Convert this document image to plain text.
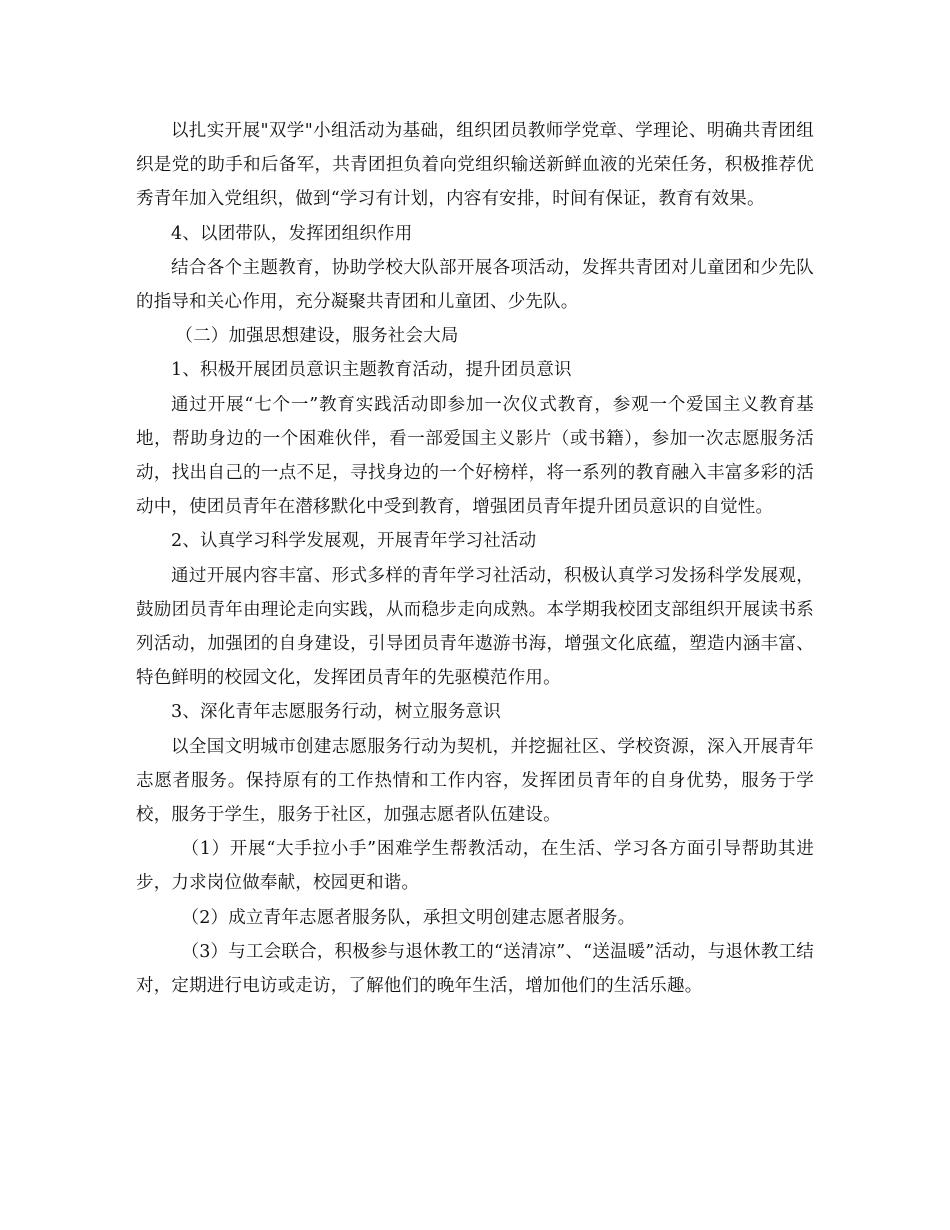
以扎实开展"双学"小组活动为基础，组织团员教师学党章、学理论、明确共青团组织是党的助手和后备军，共青团担负着向党组织输送新鲜血液的光荣任务，积极推荐优秀青年加入党组织，做到“学习有计划，内容有安排，时间有保证，教育有效果。

4、以团带队，发挥团组织作用

结合各个主题教育，协助学校大队部开展各项活动，发挥共青团对儿童团和少先队的指导和关心作用，充分凝聚共青团和儿童团、少先队。

（二）加强思想建设，服务社会大局

1、积极开展团员意识主题教育活动，提升团员意识

通过开展“七个一”教育实践活动即参加一次仪式教育，参观一个爱国主义教育基地，帮助身边的一个困难伙伴，看一部爱国主义影片（或书籍），参加一次志愿服务活动，找出自己的一点不足，寻找身边的一个好榜样，将一系列的教育融入丰富多彩的活动中，使团员青年在潜移默化中受到教育，增强团员青年提升团员意识的自觉性。

2、认真学习科学发展观，开展青年学习社活动

通过开展内容丰富、形式多样的青年学习社活动，积极认真学习发扬科学发展观，鼓励团员青年由理论走向实践，从而稳步走向成熟。本学期我校团支部组织开展读书系列活动，加强团的自身建设，引导团员青年遨游书海，增强文化底蕴，塑造内涵丰富、特色鲜明的校园文化，发挥团员青年的先驱模范作用。

3、深化青年志愿服务行动，树立服务意识

以全国文明城市创建志愿服务行动为契机，并挖掘社区、学校资源，深入开展青年志愿者服务。保持原有的工作热情和工作内容，发挥团员青年的自身优势，服务于学校，服务于学生，服务于社区，加强志愿者队伍建设。

（1）开展“大手拉小手”困难学生帮教活动，在生活、学习各方面引导帮助其进步，力求岗位做奉献，校园更和谐。

（2）成立青年志愿者服务队，承担文明创建志愿者服务。

（3）与工会联合，积极参与退休教工的“送清凉”、“送温暖”活动，与退休教工结对，定期进行电访或走访，了解他们的晚年生活，增加他们的生活乐趣。
